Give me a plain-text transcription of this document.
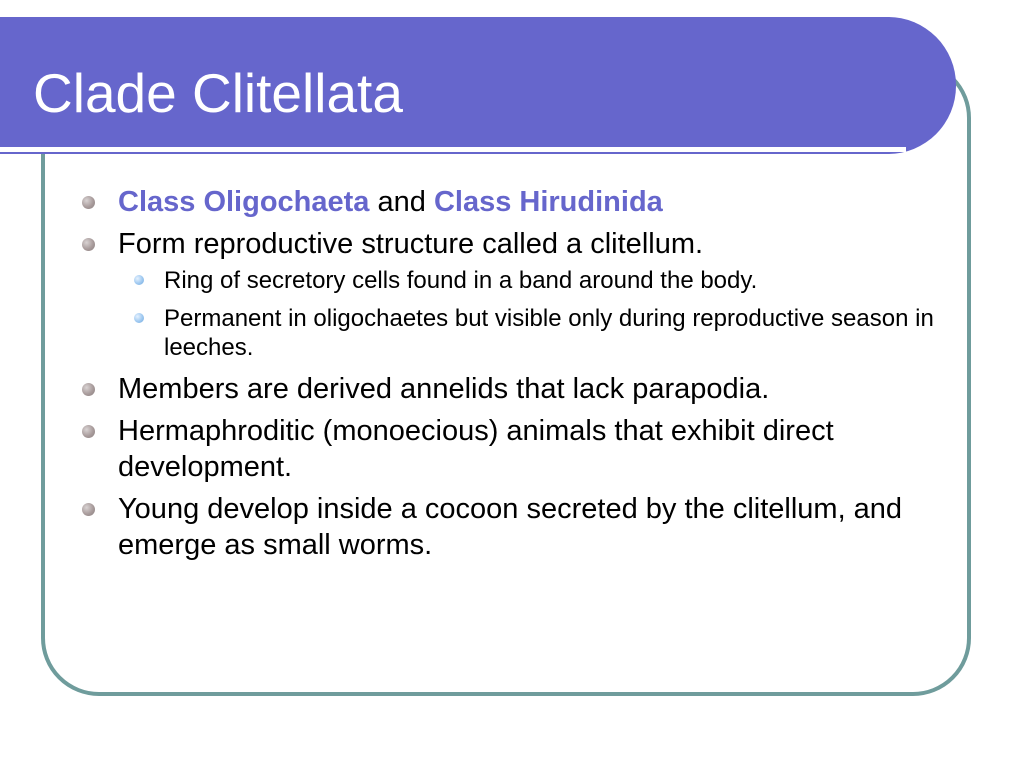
Clade Clitellata
Class Oligochaeta and Class Hirudinida
Form reproductive structure called a clitellum.
Ring of secretory cells found in a band around the body.
Permanent in oligochaetes but visible only during reproductive season in leeches.
Members are derived annelids that lack parapodia.
Hermaphroditic (monoecious) animals that exhibit direct development.
Young develop inside a cocoon secreted by the clitellum, and emerge as small worms.
